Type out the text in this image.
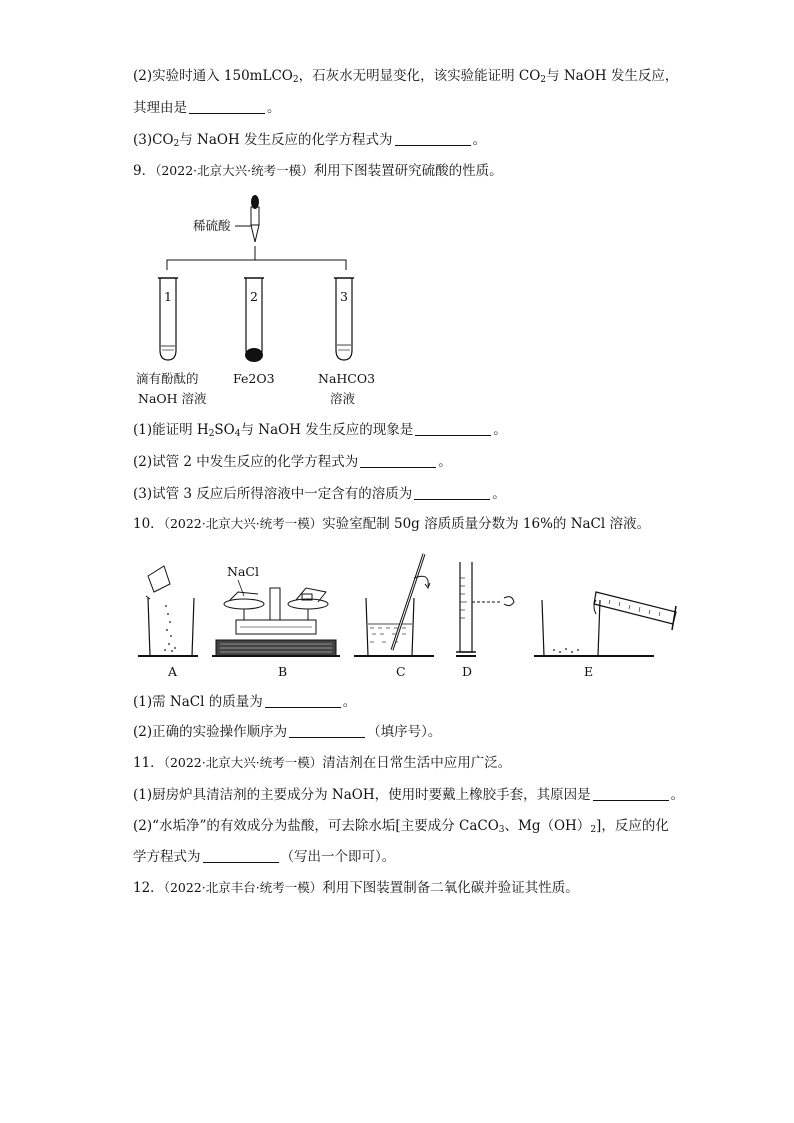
(2)实验时通入 150mLCO$_2$，石灰水无明显变化，该实验能证明 $CO_2$与 NaOH 发生反应，
其理由是	。
$(3)CO_2$与 NaOH 发生反应的化学方程式为	。
9．（2022·北京大兴·统考一模）利用下图装置研究硫酸的性质。
稀硫酸
1	2	3
滴有酚酞的
NaOH 溶液
Fe2O3	NaHCO3
溶液
(1)能证明 $H_2SO_4$与 NaOH 发生反应的现象是	。
(2)试管 2 中发生反应的化学方程式为	。
(3)试管 3 反应后所得溶液中一定含有的溶质为	。
10．（2022·北京大兴·统考一模）实验室配制 50g 溶质质量分数为 16%的 NaCl 溶液。
NaCl
A	B	C	D	E
(1)需 NaCl 的质量为	。
(2)正确的实验操作顺序为	（填序号）。
11．（2022·北京大兴·统考一模）清洁剂在日常生活中应用广泛。
(1)厨房炉具清洁剂的主要成分为 NaOH，使用时要戴上橡胶手套，其原因是	。
(2)“水垢净”的有效成分为盐酸，可去除水垢[主要成分 CaCO$_3$、$Mg(OH)_2$]，反应的化
学方程式为	（写出一个即可）。
12．（2022·北京丰台·统考一模）利用下图装置制备二氧化碳并验证其性质。
